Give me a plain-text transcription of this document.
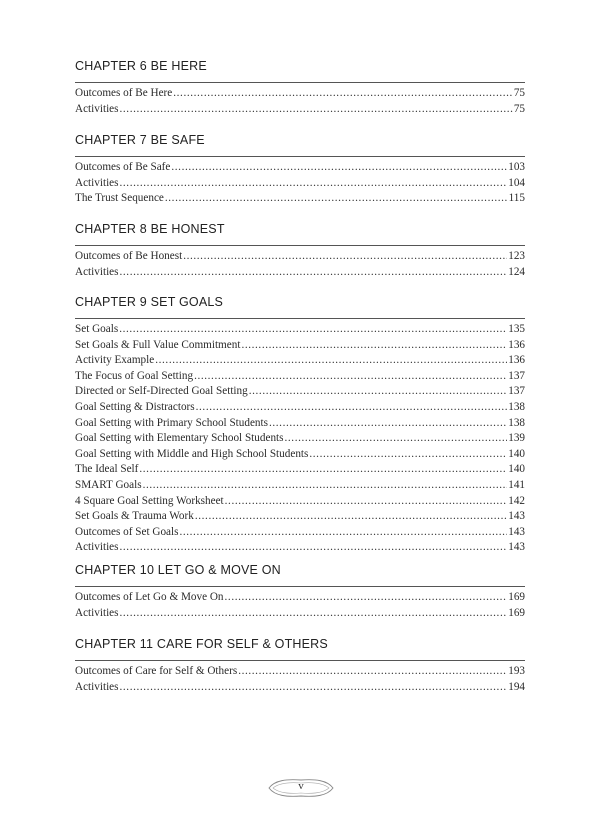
CHAPTER 6 BE HERE
Outcomes of Be Here .....	75
Activities .....	75
CHAPTER 7 BE SAFE
Outcomes of Be Safe .....	103
Activities .....	104
The Trust Sequence .....	115
CHAPTER 8 BE HONEST
Outcomes of Be Honest .....	123
Activities .....	124
CHAPTER 9 SET GOALS
Set Goals .....	135
Set Goals & Full Value Commitment .....	136
Activity Example .....	136
The Focus of Goal Setting .....	137
Directed or Self-Directed Goal Setting .....	137
Goal Setting & Distractors .....	138
Goal Setting with Primary School Students .....	138
Goal Setting with Elementary School Students .....	139
Goal Setting with Middle and High School Students .....	140
The Ideal Self .....	140
SMART Goals .....	141
4 Square Goal Setting Worksheet .....	142
Set Goals & Trauma Work .....	143
Outcomes of Set Goals .....	143
Activities .....	143
CHAPTER 10 LET GO & MOVE ON
Outcomes of Let Go & Move On .....	169
Activities .....	169
CHAPTER 11 CARE FOR SELF & OTHERS
Outcomes of Care for Self & Others .....	193
Activities .....	194
v
